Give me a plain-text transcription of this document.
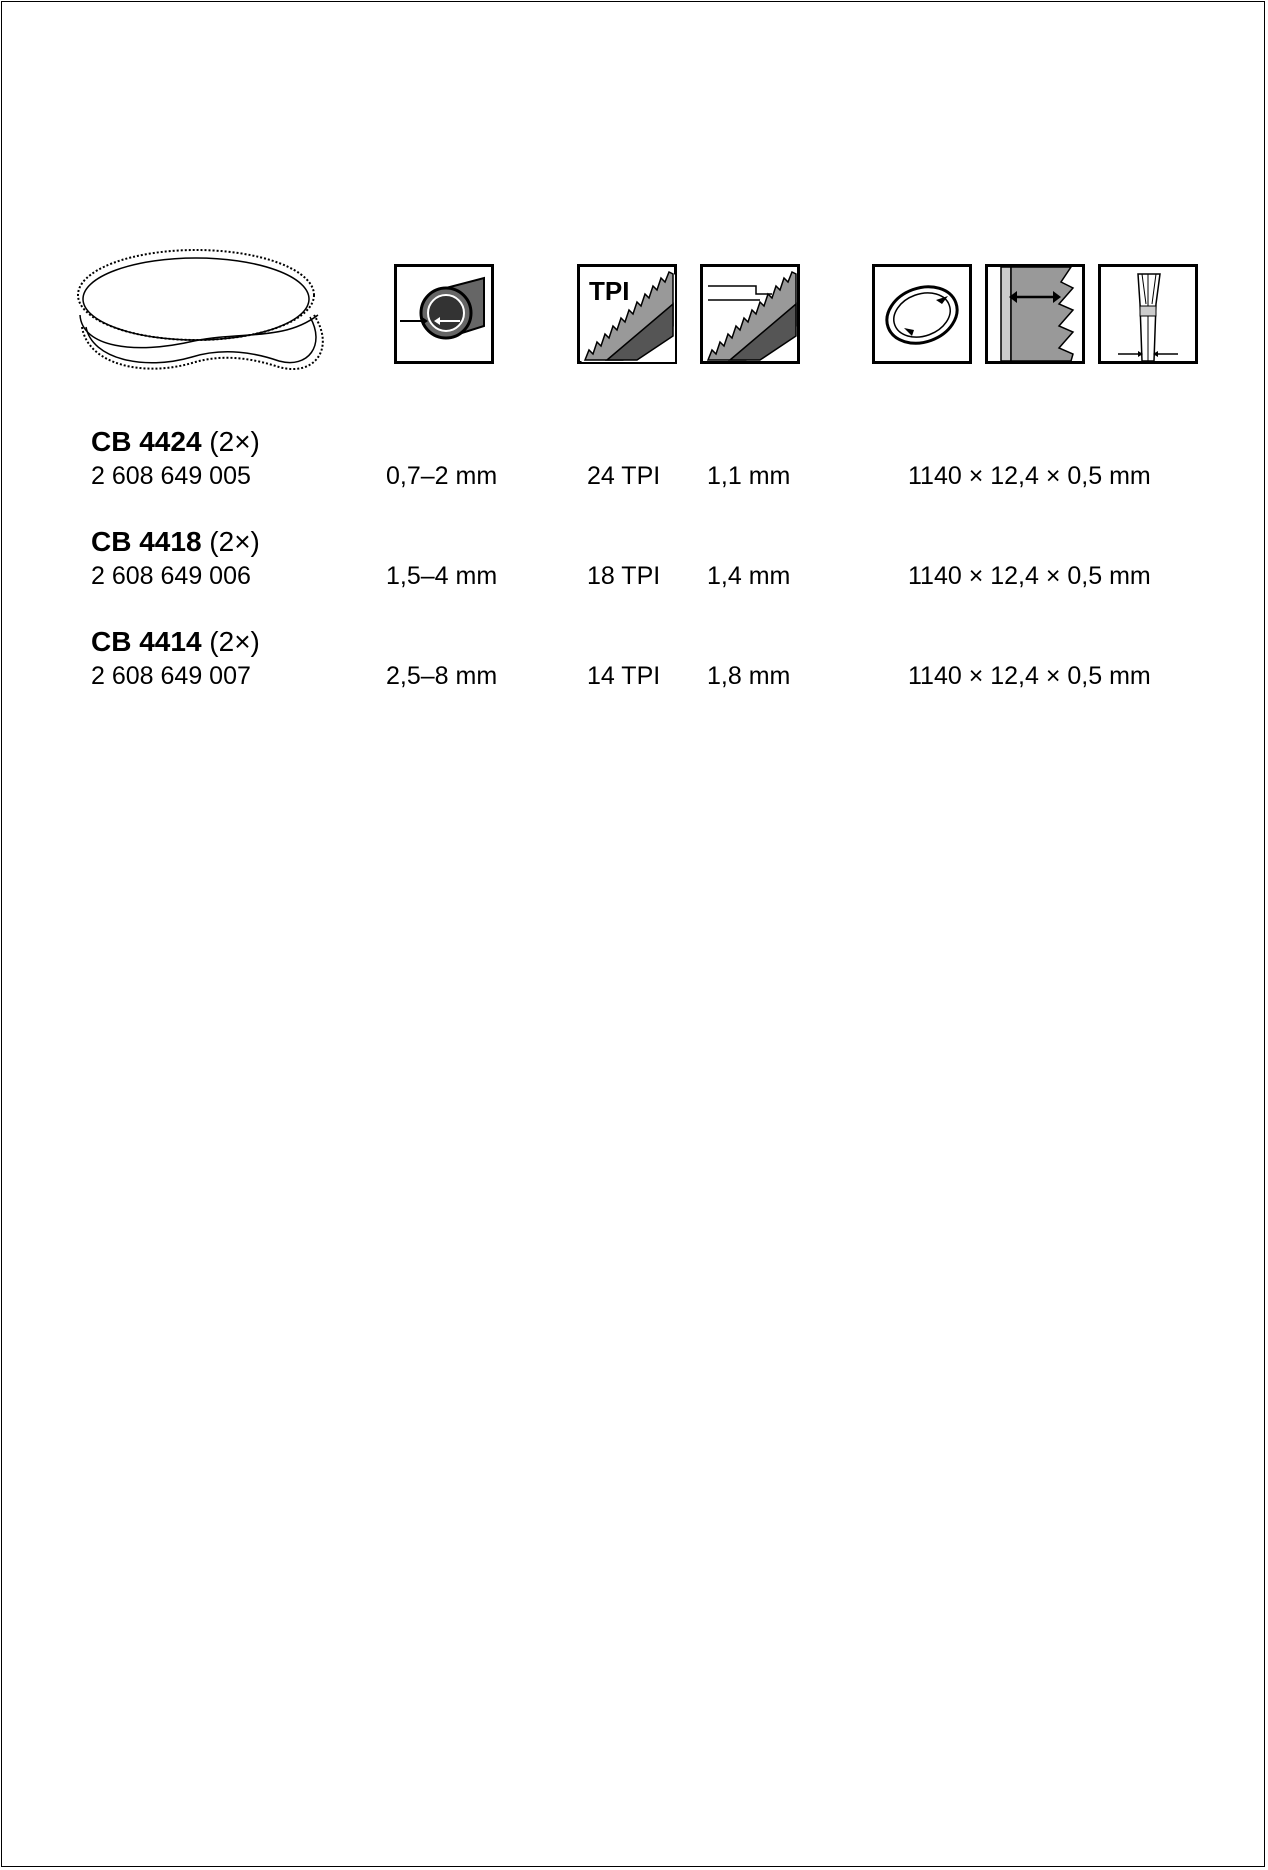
TPI
CB 4424 (2×)
2 608 649 005	0,7–2 mm	24 TPI 1,1 mm	1140 × 12,4 × 0,5 mm
CB 4418 (2×)
2 608 649 006	1,5–4 mm	18 TPI 1,4 mm	1140 × 12,4 × 0,5 mm
CB 4414 (2×)
2 608 649 007	2,5–8 mm	14 TPI 1,8 mm	1140 × 12,4 × 0,5 mm
